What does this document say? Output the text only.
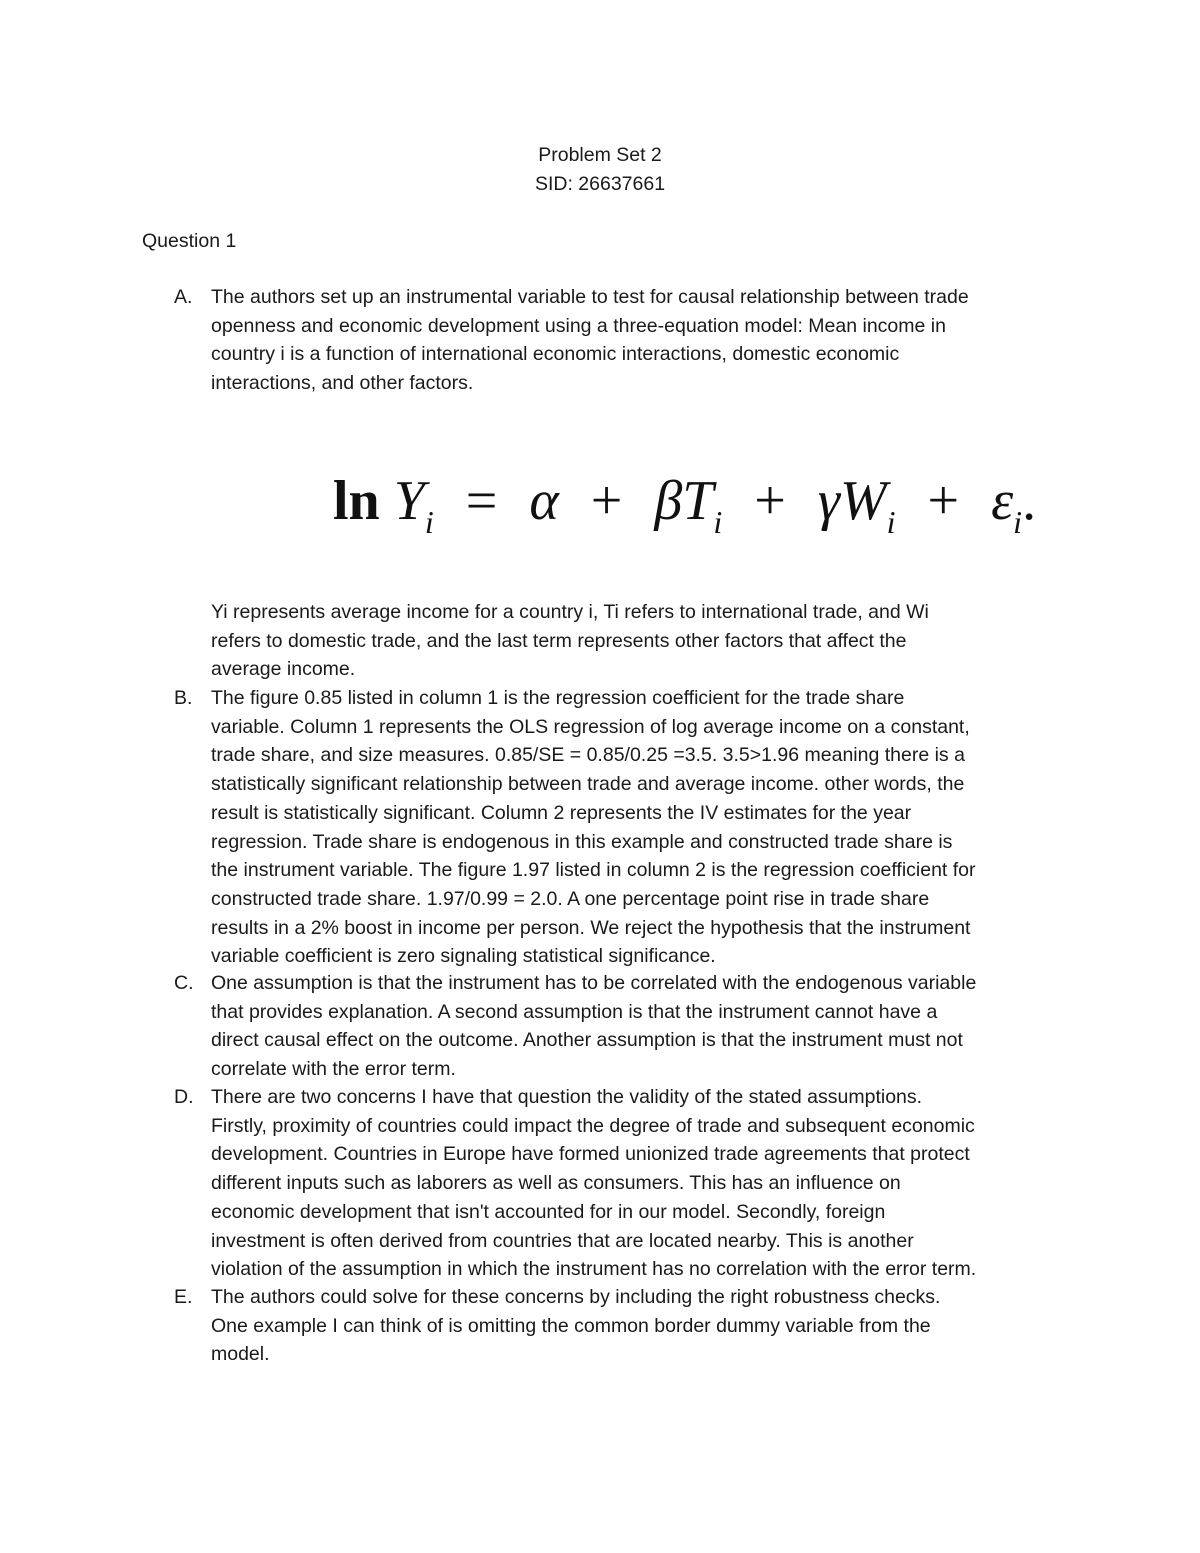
Problem Set 2
SID: 26637661
Question 1
A. The authors set up an instrumental variable to test for causal relationship between trade
openness and economic development using a three-equation model: Mean income in
country i is a function of international economic interactions, domestic economic
interactions, and other factors.
$\ln Y_i = \alpha + \beta T_i + \gamma W_i + \varepsilon_i$.
Yi represents average income for a country i, Ti refers to international trade, and Wi
refers to domestic trade, and the last term represents other factors that affect the
average income.
B. The figure 0.85 listed in column 1 is the regression coefficient for the trade share
variable. Column 1 represents the OLS regression of log average income on a constant,
trade share, and size measures. 0.85/SE = 0.85/0.25 =3.5. 3.5>1.96 meaning there is a
statistically significant relationship between trade and average income. other words, the
result is statistically significant. Column 2 represents the IV estimates for the year
regression. Trade share is endogenous in this example and constructed trade share is
the instrument variable. The figure 1.97 listed in column 2 is the regression coefficient for
constructed trade share. 1.97/0.99 = 2.0. A one percentage point rise in trade share
results in a 2% boost in income per person. We reject the hypothesis that the instrument
variable coefficient is zero signaling statistical significance.
C. One assumption is that the instrument has to be correlated with the endogenous variable
that provides explanation. A second assumption is that the instrument cannot have a
direct causal effect on the outcome. Another assumption is that the instrument must not
correlate with the error term.
D. There are two concerns I have that question the validity of the stated assumptions.
Firstly, proximity of countries could impact the degree of trade and subsequent economic
development. Countries in Europe have formed unionized trade agreements that protect
different inputs such as laborers as well as consumers. This has an influence on
economic development that isn't accounted for in our model. Secondly, foreign
investment is often derived from countries that are located nearby. This is another
violation of the assumption in which the instrument has no correlation with the error term.
E. The authors could solve for these concerns by including the right robustness checks.
One example I can think of is omitting the common border dummy variable from the
model.
